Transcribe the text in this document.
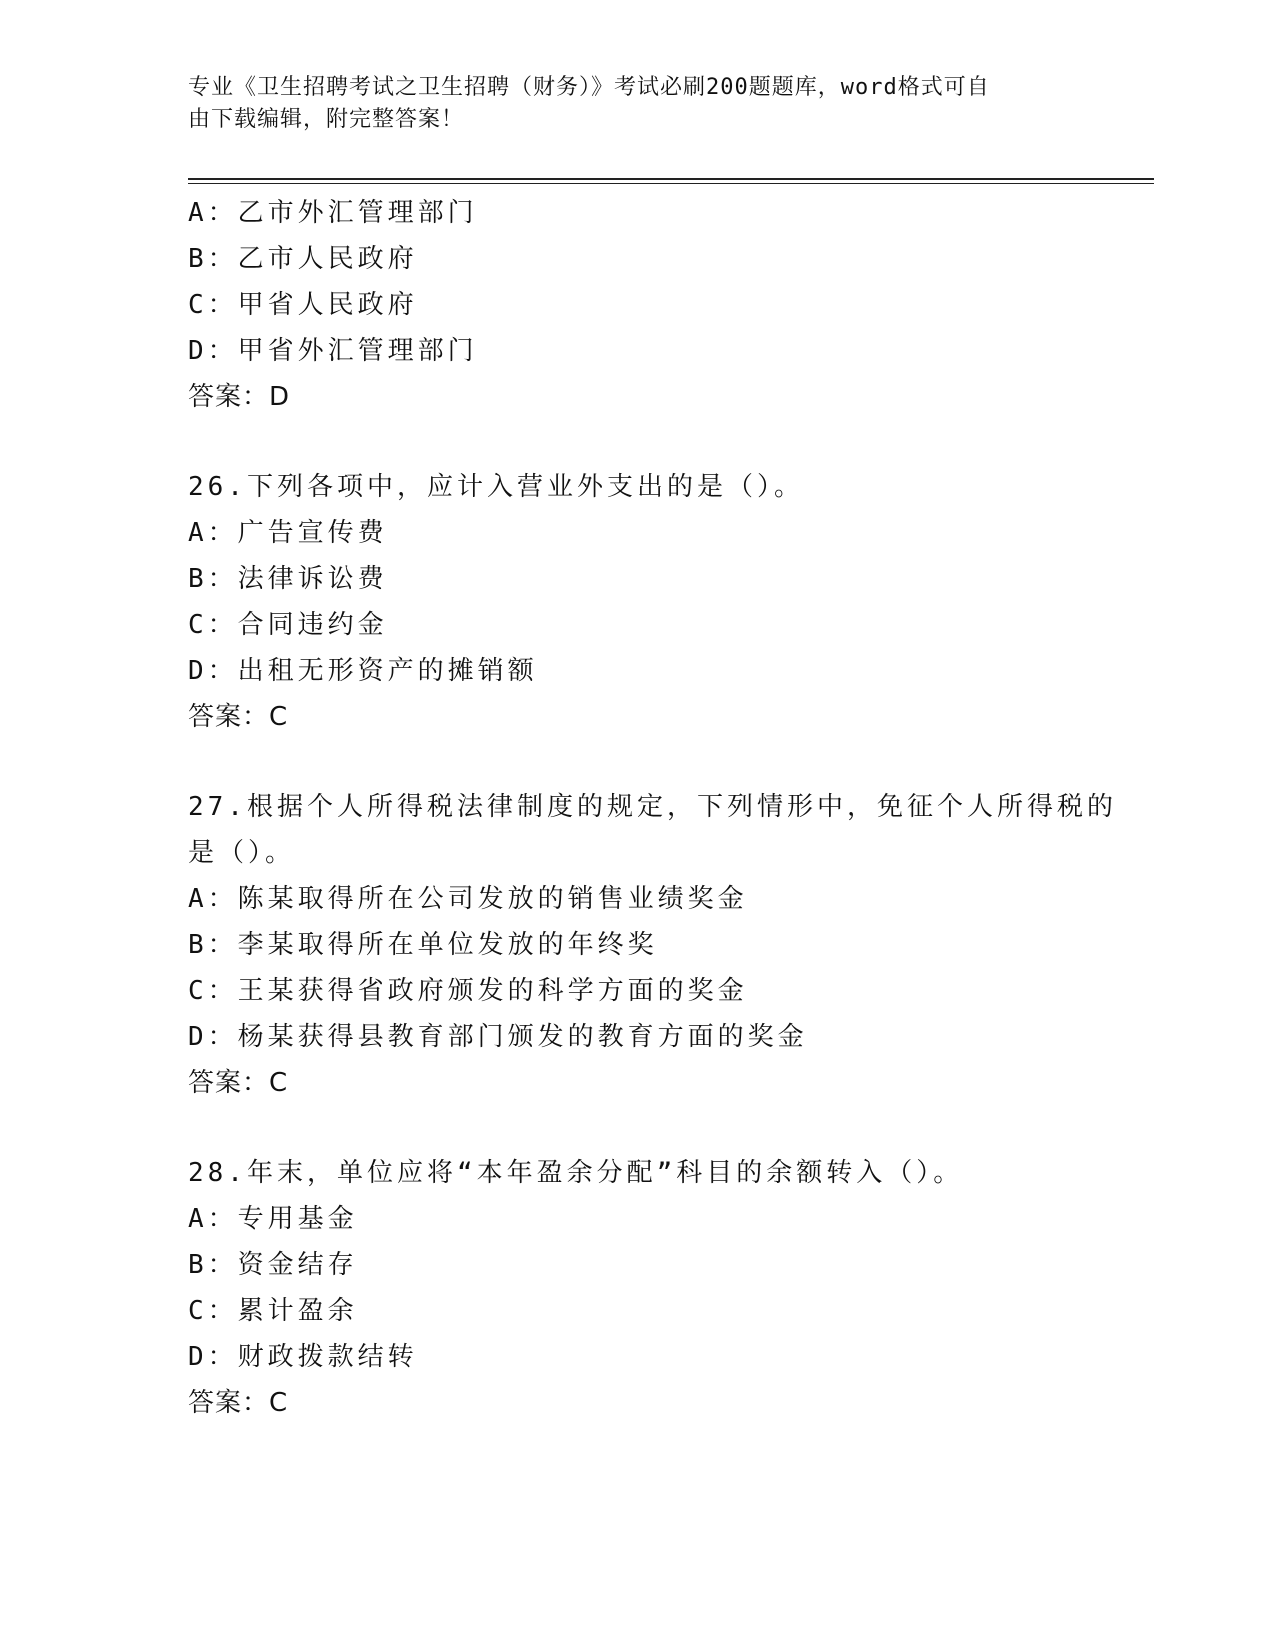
专业《卫生招聘考试之卫生招聘（财务）》考试必刷200题题库，word格式可自
由下载编辑，附完整答案！
A：乙市外汇管理部门
B：乙市人民政府
C：甲省人民政府
D：甲省外汇管理部门
答案：D
26.下列各项中，应计入营业外支出的是（）。
A：广告宣传费
B：法律诉讼费
C：合同违约金
D：出租无形资产的摊销额
答案：C
27.根据个人所得税法律制度的规定，下列情形中，免征个人所得税的
是（）。
A：陈某取得所在公司发放的销售业绩奖金
B：李某取得所在单位发放的年终奖
C：王某获得省政府颁发的科学方面的奖金
D：杨某获得县教育部门颁发的教育方面的奖金
答案：C
28.年末，单位应将“本年盈余分配”科目的余额转入（）。
A：专用基金
B：资金结存
C：累计盈余
D：财政拨款结转
答案：C
